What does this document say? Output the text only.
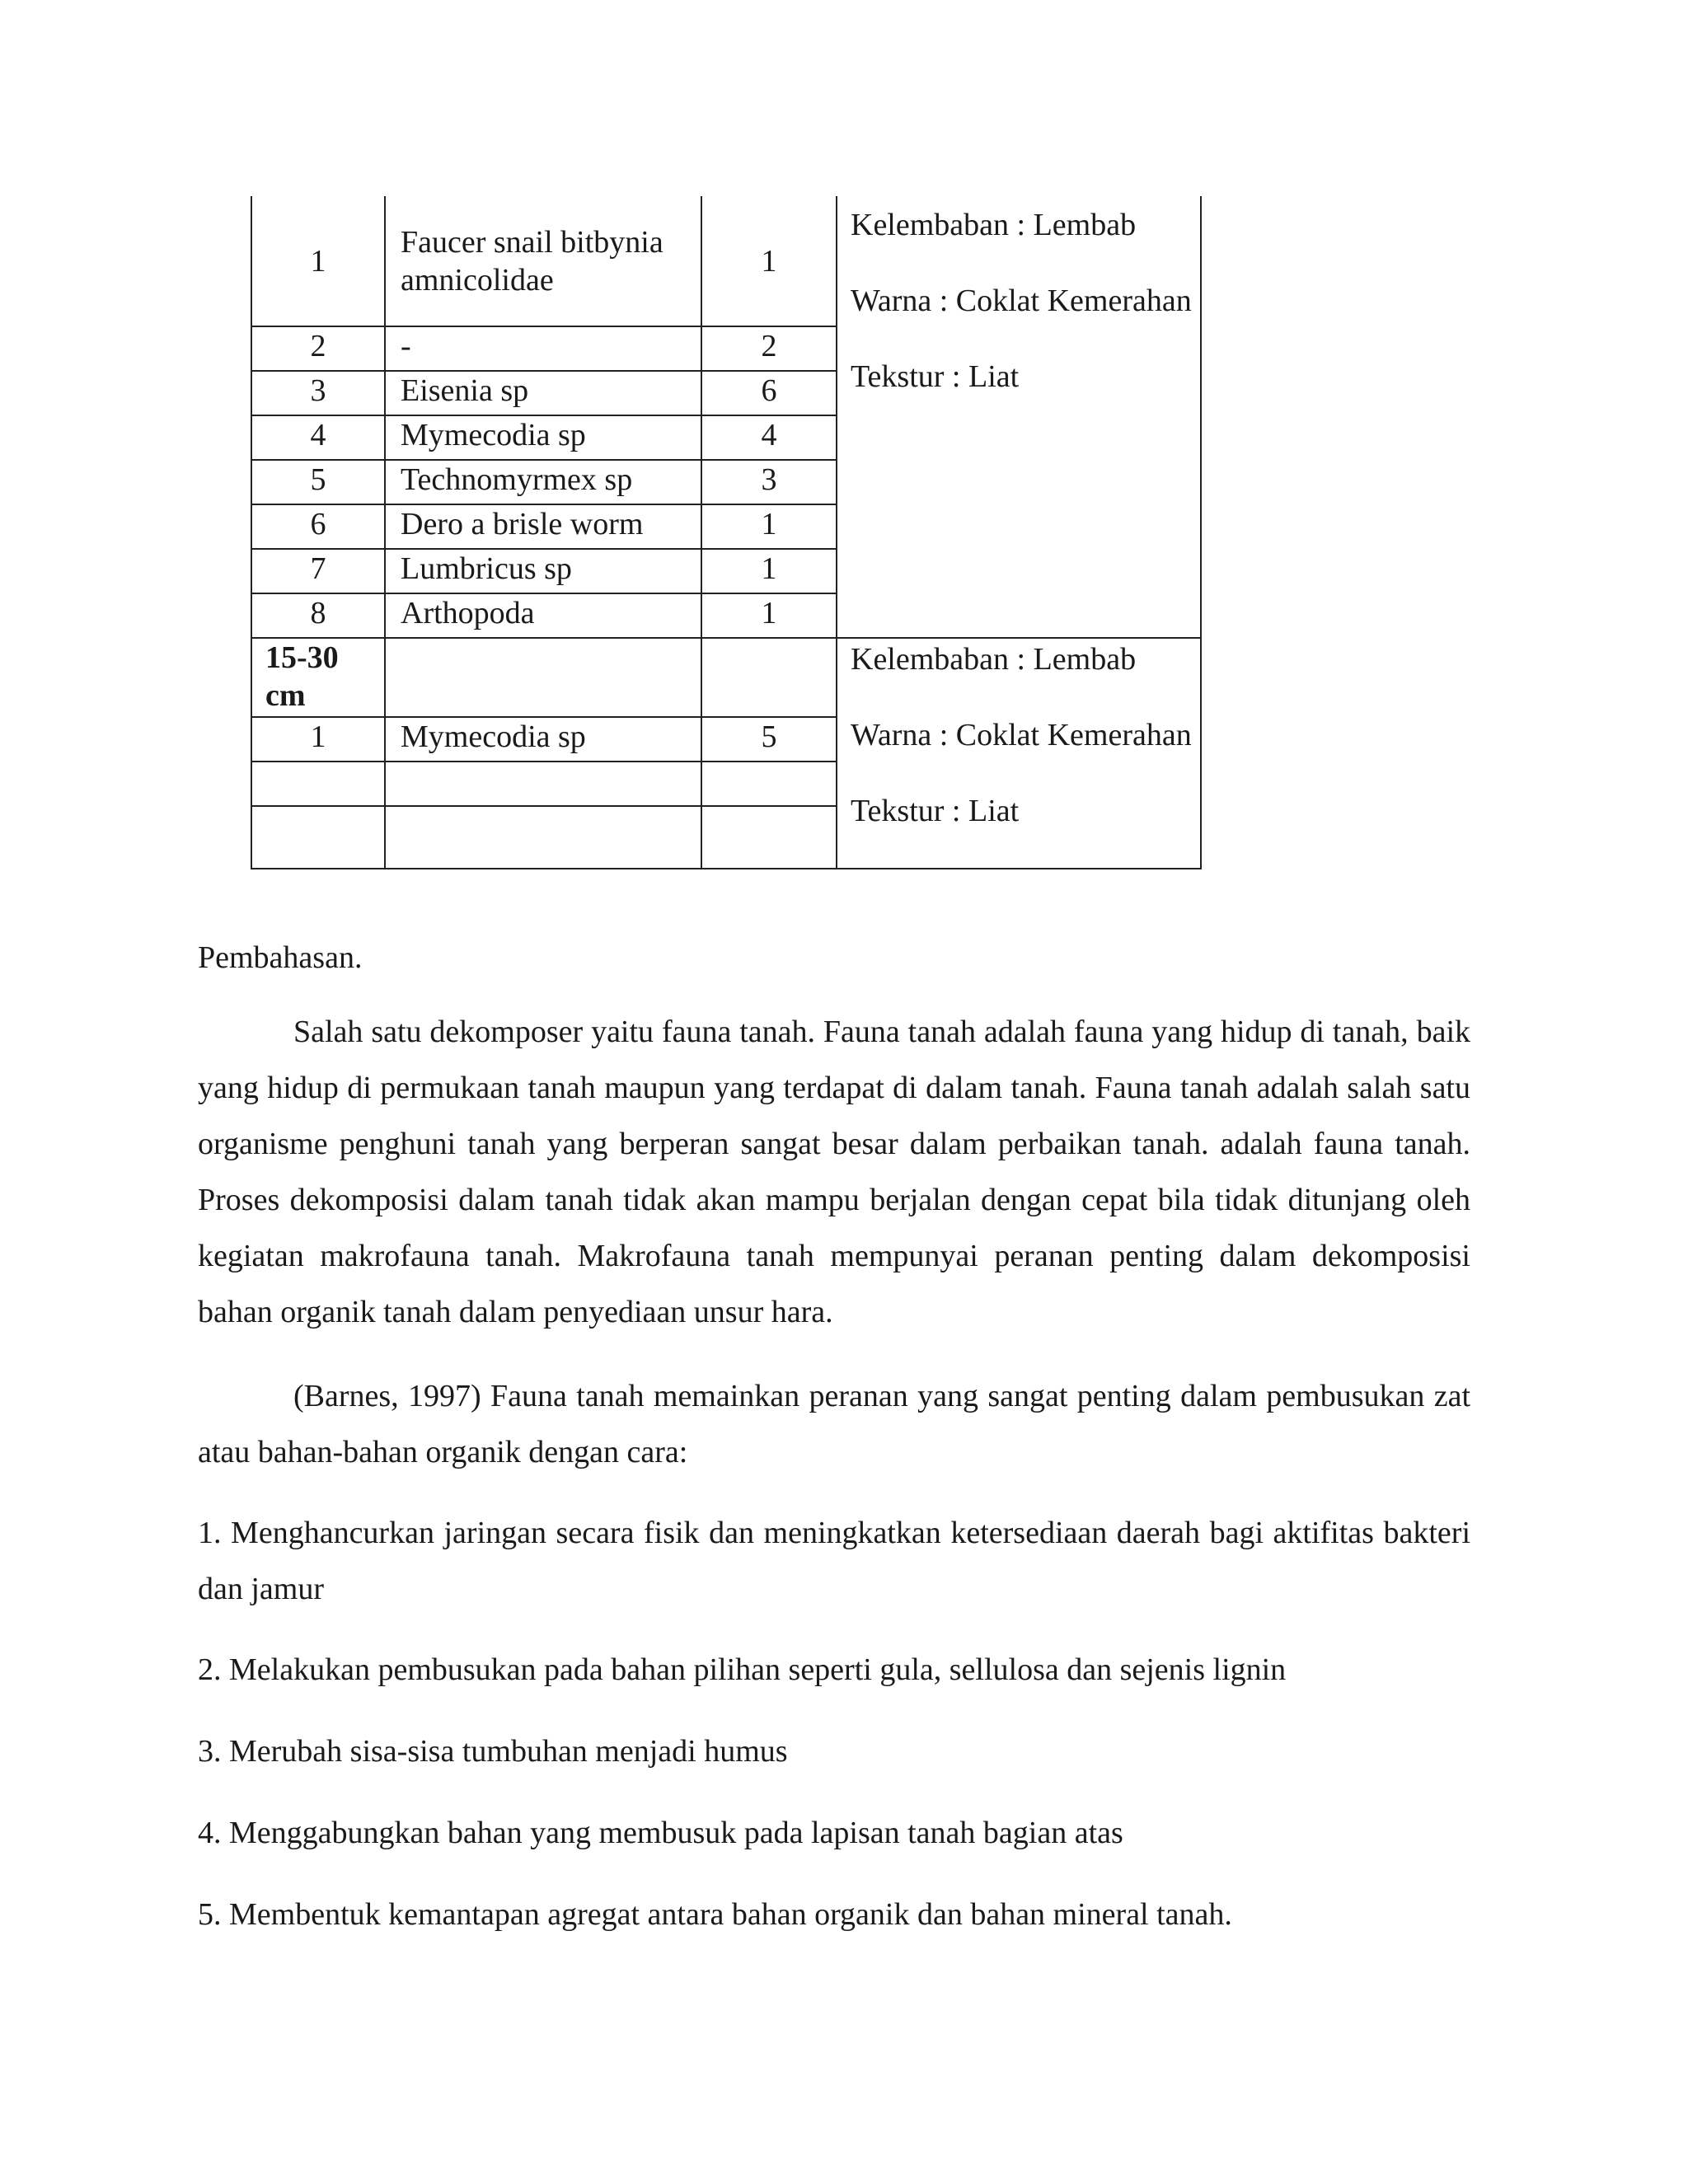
1	Faucer snail bitbynia amnicolidae	1	Kelembaban : Lembab

Warna : Coklat Kemerahan

Tekstur : Liat

2	-	2	
3	Eisenia sp	6	
4	Mymecodia sp	4	
5	Technomyrmex sp	3	
6	Dero a brisle worm	1	
7	Lumbricus sp	1	
8	Arthopoda	1	
15-30 cm			Kelembaban : Lembab

Warna : Coklat Kemerahan

Tekstur : Liat

1	Mymecodia sp	5	

Pembahasan.

Salah satu dekomposer yaitu fauna tanah. Fauna tanah adalah fauna yang hidup di tanah, baik yang hidup di permukaan tanah maupun yang terdapat di dalam tanah. Fauna tanah adalah salah satu organisme penghuni tanah yang berperan sangat besar dalam perbaikan tanah. adalah fauna tanah. Proses dekomposisi dalam tanah tidak akan mampu berjalan dengan cepat bila tidak ditunjang oleh kegiatan makrofauna tanah. Makrofauna tanah mempunyai peranan penting dalam dekomposisi bahan organik tanah dalam penyediaan unsur hara.

(Barnes, 1997) Fauna tanah memainkan peranan yang sangat penting dalam pembusukan zat atau bahan-bahan organik dengan cara:

1. Menghancurkan jaringan secara fisik dan meningkatkan ketersediaan daerah bagi aktifitas bakteri dan jamur

2. Melakukan pembusukan pada bahan pilihan seperti gula, sellulosa dan sejenis lignin

3. Merubah sisa-sisa tumbuhan menjadi humus

4. Menggabungkan bahan yang membusuk pada lapisan tanah bagian atas

5. Membentuk kemantapan agregat antara bahan organik dan bahan mineral tanah.
